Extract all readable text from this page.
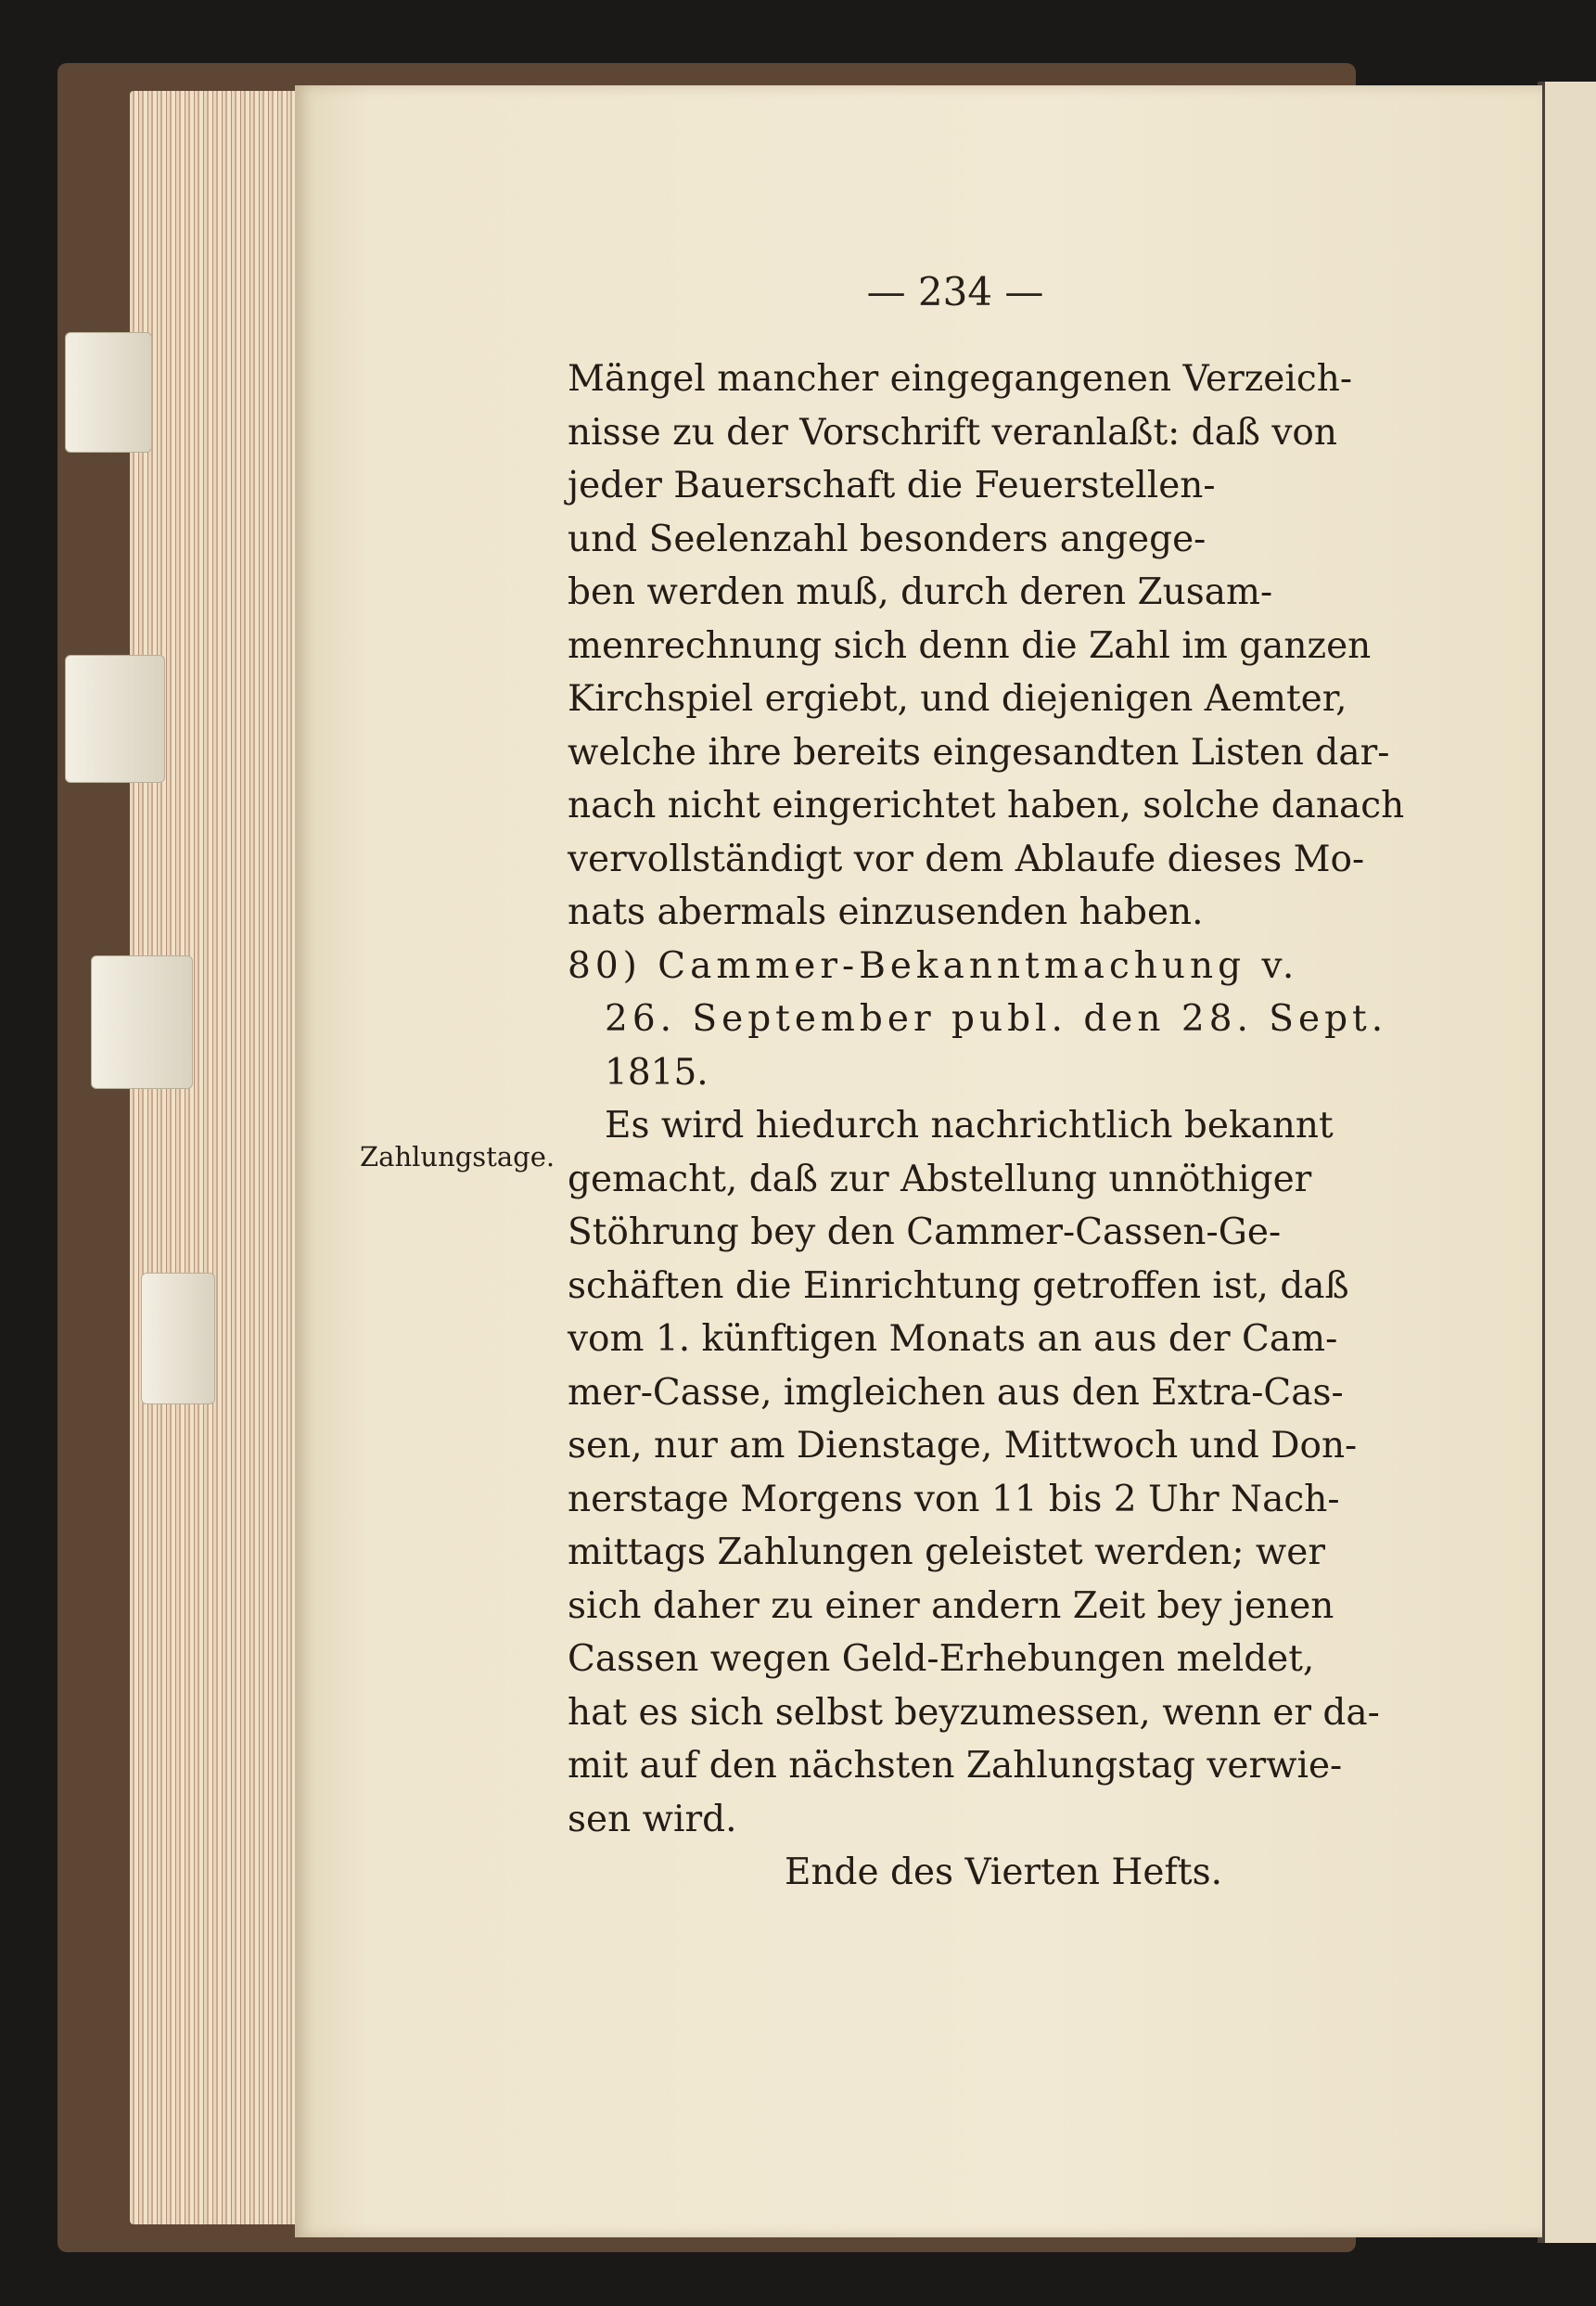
— 234 —
Zahlungstage.
Mängel mancher eingegangenen Verzeich-
nisse zu der Vorschrift veranlaßt: daß von
jeder Bauerschaft die Feuerstellen-
und Seelenzahl besonders angege-
ben werden muß, durch deren Zusam-
menrechnung sich denn die Zahl im ganzen
Kirchspiel ergiebt, und diejenigen Aemter,
welche ihre bereits eingesandten Listen dar-
nach nicht eingerichtet haben, solche danach
vervollständigt vor dem Ablaufe dieses Mo-
nats abermals einzusenden haben.
80) Cammer-Bekanntmachung v.
26. September publ. den 28. Sept.
1815.
Es wird hiedurch nachrichtlich bekannt
gemacht, daß zur Abstellung unnöthiger
Stöhrung bey den Cammer-Cassen-Ge-
schäften die Einrichtung getroffen ist, daß
vom 1. künftigen Monats an aus der Cam-
mer-Casse, imgleichen aus den Extra-Cas-
sen, nur am Dienstage, Mittwoch und Don-
nerstage Morgens von 11 bis 2 Uhr Nach-
mittags Zahlungen geleistet werden; wer
sich daher zu einer andern Zeit bey jenen
Cassen wegen Geld-Erhebungen meldet,
hat es sich selbst beyzumessen, wenn er da-
mit auf den nächsten Zahlungstag verwie-
sen wird.
Ende des Vierten Hefts.
